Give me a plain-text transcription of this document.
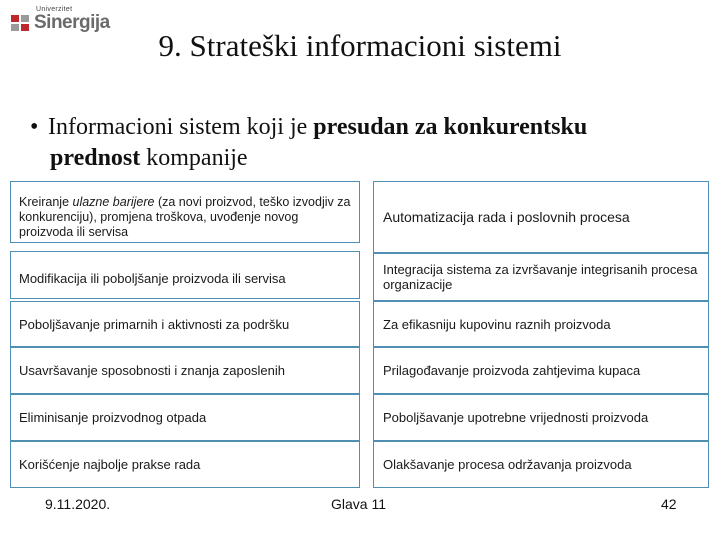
Univerzitet
Sinergija
9. Strateški informacioni sistemi
• Informacioni sistem koji je presudan za konkurentsku
prednost kompanije
Kreiranje ulazne barijere (za novi proizvod, teško izvodjiv za konkurenciju), promjena troškova, uvođenje novog proizvoda ili servisa
Modifikacija ili poboljšanje proizvoda ili servisa
Poboljšavanje primarnih i aktivnosti za podršku
Usavršavanje sposobnosti i znanja zaposlenih
Eliminisanje proizvodnog otpada
Korišćenje najbolje prakse rada
Automatizacija rada i poslovnih procesa
Integracija sistema za izvršavanje integrisanih procesa organizacije
Za efikasniju kupovinu raznih proizvoda
Prilagođavanje proizvoda zahtjevima kupaca
Poboljšavanje upotrebne vrijednosti proizvoda
Olakšavanje procesa održavanja proizvoda
9.11.2020.	Glava 11	42
